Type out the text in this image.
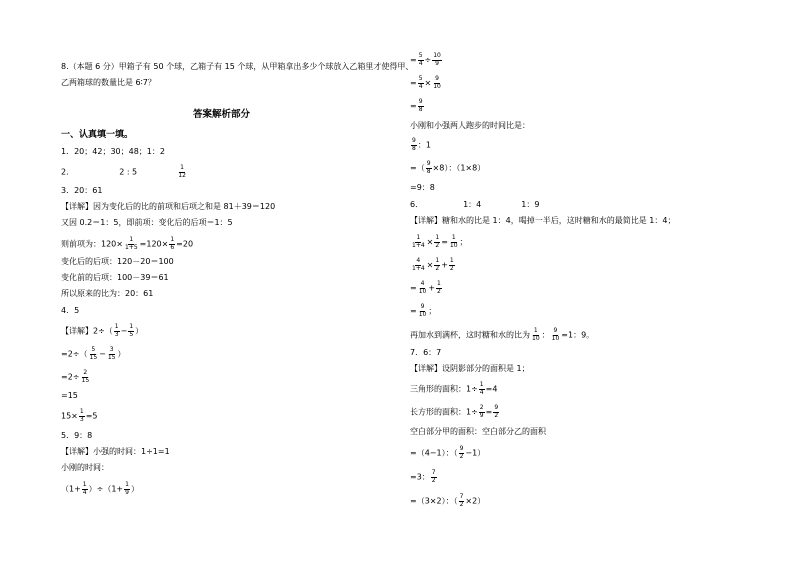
8.（本题 6 分）甲箱子有 50 个球，乙箱子有 15 个球，从甲箱拿出多少个球放入乙箱里才使得甲、
乙两箱球的数量比是 6∶7？
答案解析部分
一、认真填一填。
1．20；42；30；48；1：2
2．	2 : 5	$\frac{1}{12}$
3．20：61
【详解】因为变化后的比的前项和后项之和是 81＋39＝120
又因 0.2＝1：5，即前项：变化后的后项＝1：5
则前项为：$120\times \frac{1}{1+5} =120\times \frac{1}{6} =20$
变化后的后项：120－20＝100
变化前的后项：100－39＝61
所以原来的比为：20：61
4．5
【详解】$2\div( \frac{1}{3} - \frac{1}{5}$ ）
$=2\div( \frac{5}{15} - \frac{3}{15}$ ）
$=2\div \frac{2}{15}$
=15
$15\times \frac{1}{3} =5$
5．9：8
【详解】小强的时间：1÷1=1
小刚的时间：
$(1+ \frac{1}{4} )\div(1+ \frac{1}{9}$ ）
= $\frac{5}{4} \div \frac{10}{9}$
= $\frac{5}{4} \times \frac{9}{10}$
= $\frac{9}{8}$
小刚和小强两人跑步的时间比是：
$\frac{9}{8}$ ：1
=（ $\frac{9}{8} \times 8$）：（1×8）
=9：8
6．	1：4	1：9
【详解】糖和水的比是 1：4，喝掉一半后，这时糖和水的最简比是 1：4；
$\frac{1}{1+4} \times \frac{1}{2} = \frac{1}{10}$ ；
$\frac{4}{1+4} \times \frac{1}{2} + \frac{1}{2}$
= $\frac{4}{10} + \frac{1}{2}$
= $\frac{9}{10}$ ；
再加水到满杯，这时糖和水的比为 $\frac{1}{10}$ ： $\frac{9}{10} =1$：9。
7．6：7
【详解】设阴影部分的面积是 1；
三角形的面积：$1\div \frac{1}{4} =4$
长方形的面积：$1\div \frac{2}{9} = \frac{9}{2}$
空白部分甲的面积：空白部分乙的面积
=（4−1）：（ $\frac{9}{2} -1$）
=3： $\frac{7}{2}$
=（3×2）：（ $\frac{7}{2} \times 2$）
